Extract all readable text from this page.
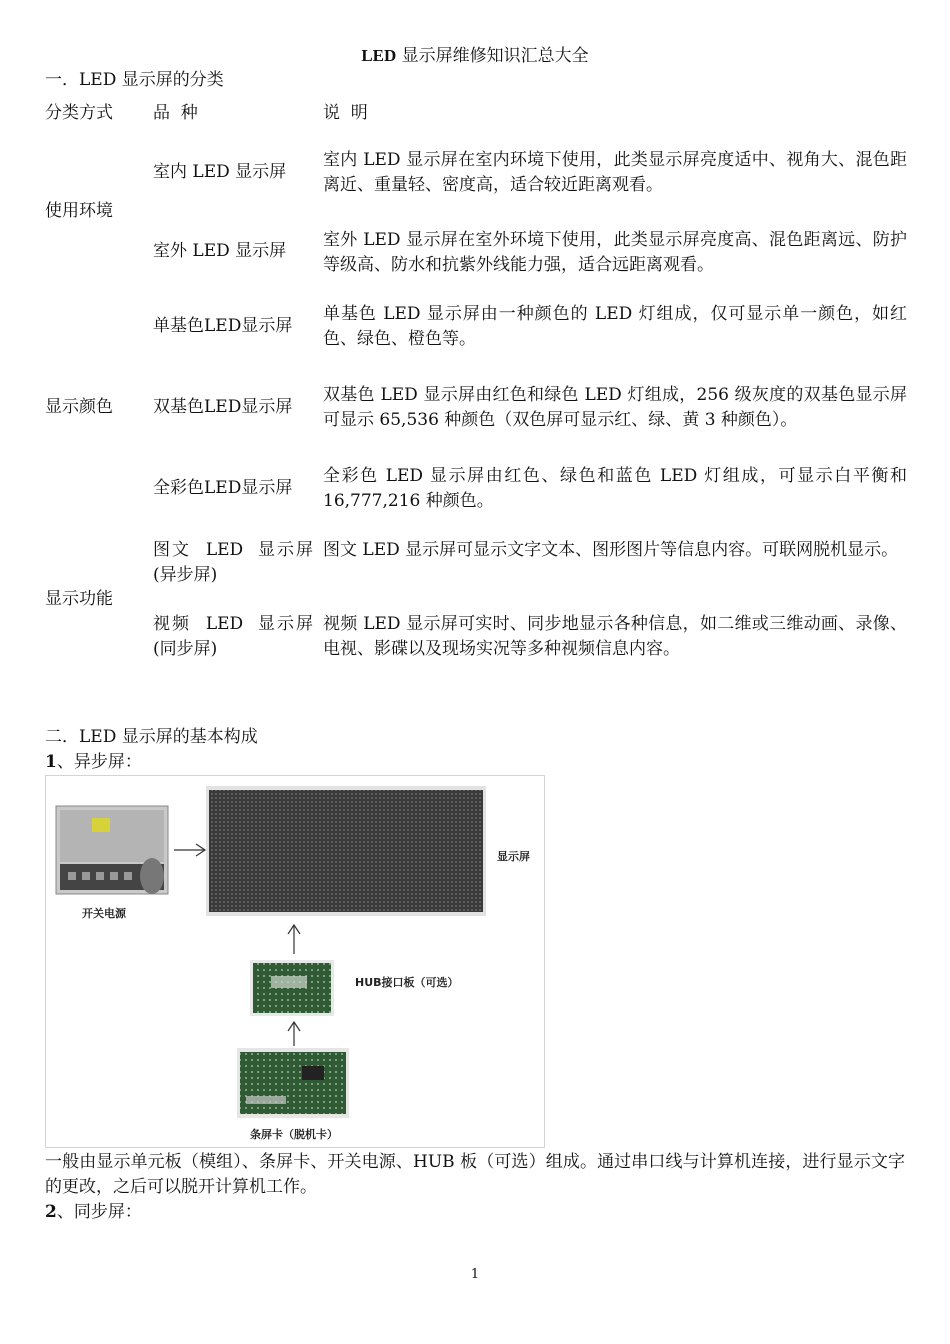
LED 显示屏维修知识汇总大全
一．LED 显示屏的分类
分类方式 品  种	说  明
使用环境
显示颜色
显示功能
室内 LED 显示屏
室内 LED 显示屏在室内环境下使用，此类显示屏亮度适中、视角大、混色距离近、重量轻、密度高，适合较近距离观看。
室外 LED 显示屏
室外 LED 显示屏在室外环境下使用，此类显示屏亮度高、混色距离远、防护等级高、防水和抗紫外线能力强，适合远距离观看。
单基色LED显示屏
单基色 LED 显示屏由一种颜色的 LED 灯组成，仅可显示单一颜色，如红色、绿色、橙色等。
双基色LED显示屏
双基色 LED 显示屏由红色和绿色 LED 灯组成，256 级灰度的双基色显示屏可显示 65,536 种颜色（双色屏可显示红、绿、黄 3 种颜色）。
全彩色LED显示屏
全彩色 LED 显示屏由红色、绿色和蓝色 LED 灯组成，可显示白平衡和 16,777,216 种颜色。
图文  LED  显示屏
(异步屏)
图文 LED 显示屏可显示文字文本、图形图片等信息内容。可联网脱机显示。
视频  LED  显示屏
(同步屏)
视频 LED 显示屏可实时、同步地显示各种信息，如二维或三维动画、录像、电视、影碟以及现场实况等多种视频信息内容。
二．LED 显示屏的基本构成
1、异步屏：
开关电源
显示屏
HUB接口板（可选）
条屏卡（脱机卡）
一般由显示单元板（模组）、条屏卡、开关电源、HUB 板（可选）组成。通过串口线与计算机连接，进行显示文字的更改，之后可以脱开计算机工作。
2、同步屏：
1
